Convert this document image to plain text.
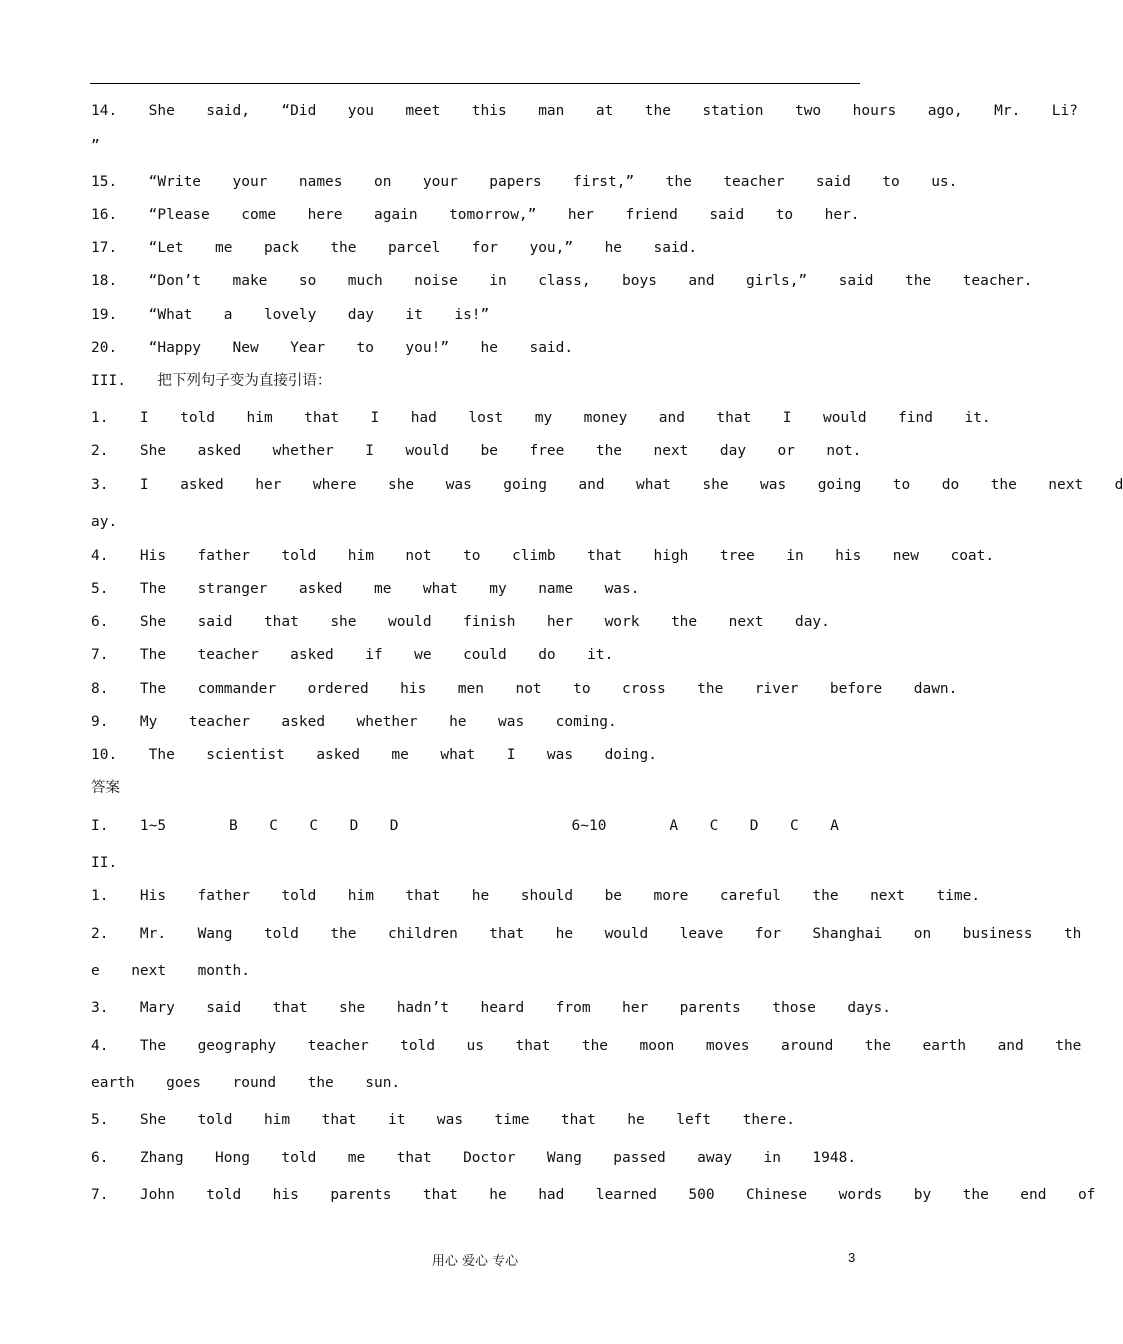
14.  She  said,  “Did  you  meet  this  man  at  the  station  two  hours  ago,  Mr.  Li?
”
15.  “Write  your  names  on  your  papers  first,”  the  teacher  said  to  us.
16.  “Please  come  here  again  tomorrow,”  her  friend  said  to  her.
17.  “Let  me  pack  the  parcel  for  you,”  he  said.
18.  “Don’t  make  so  much  noise  in  class,  boys  and  girls,”  said  the  teacher.
19.  “What  a  lovely  day  it  is!”
20.  “Happy  New  Year  to  you!”  he  said.
III.  把下列句子变为直接引语：
1.  I  told  him  that  I  had  lost  my  money  and  that  I  would  find  it.
2.  She  asked  whether  I  would  be  free  the  next  day  or  not.
3.  I  asked  her  where  she  was  going  and  what  she  was  going  to  do  the  next  d
ay.
4.  His  father  told  him  not  to  climb  that  high  tree  in  his  new  coat.
5.  The  stranger  asked  me  what  my  name  was.
6.  She  said  that  she  would  finish  her  work  the  next  day.
7.  The  teacher  asked  if  we  could  do  it.
8.  The  commander  ordered  his  men  not  to  cross  the  river  before  dawn.
9.  My  teacher  asked  whether  he  was  coming.
10.  The  scientist  asked  me  what  I  was  doing.
答案
I.  1~5    B  C  C  D  D           6~10    A  C  D  C  A
II.
1.  His  father  told  him  that  he  should  be  more  careful  the  next  time.
2.  Mr.  Wang  told  the  children  that  he  would  leave  for  Shanghai  on  business  th
e  next  month.
3.  Mary  said  that  she  hadn’t  heard  from  her  parents  those  days.
4.  The  geography  teacher  told  us  that  the  moon  moves  around  the  earth  and  the
earth  goes  round  the  sun.
5.  She  told  him  that  it  was  time  that  he  left  there.
6.  Zhang  Hong  told  me  that  Doctor  Wang  passed  away  in  1948.
7.  John  told  his  parents  that  he  had  learned  500  Chinese  words  by  the  end  of
用心 爱心 专心	3
